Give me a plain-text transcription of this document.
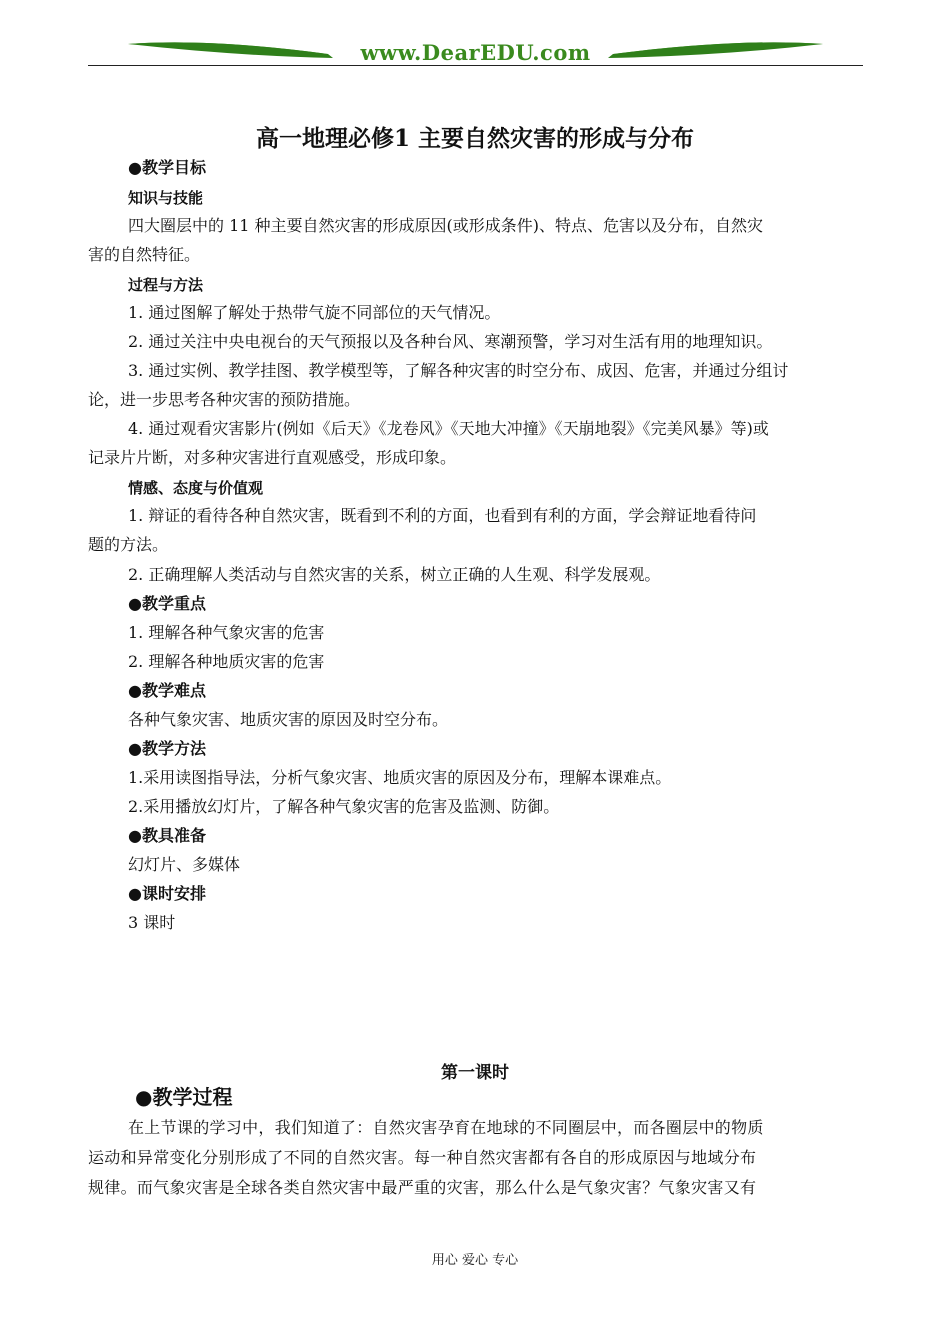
www.DearEDU.com
高一地理必修1 主要自然灾害的形成与分布
●教学目标
知识与技能
四大圈层中的 11 种主要自然灾害的形成原因(或形成条件)、特点、危害以及分布，自然灾
害的自然特征。
过程与方法
1. 通过图解了解处于热带气旋不同部位的天气情况。
2. 通过关注中央电视台的天气预报以及各种台风、寒潮预警，学习对生活有用的地理知识。
3. 通过实例、教学挂图、教学模型等，了解各种灾害的时空分布、成因、危害，并通过分组讨
论，进一步思考各种灾害的预防措施。
4. 通过观看灾害影片(例如《后天》《龙卷风》《天地大冲撞》《天崩地裂》《完美风暴》等)或
记录片片断，对多种灾害进行直观感受，形成印象。
情感、态度与价值观
1. 辩证的看待各种自然灾害，既看到不利的方面，也看到有利的方面，学会辩证地看待问
题的方法。
2. 正确理解人类活动与自然灾害的关系，树立正确的人生观、科学发展观。
●教学重点
1. 理解各种气象灾害的危害
2. 理解各种地质灾害的危害
●教学难点
各种气象灾害、地质灾害的原因及时空分布。
●教学方法
1.采用读图指导法，分析气象灾害、地质灾害的原因及分布，理解本课难点。
2.采用播放幻灯片，了解各种气象灾害的危害及监测、防御。
●教具准备
幻灯片、多媒体
●课时安排
3 课时
第一课时
●教学过程
在上节课的学习中，我们知道了：自然灾害孕育在地球的不同圈层中，而各圈层中的物质
运动和异常变化分别形成了不同的自然灾害。每一种自然灾害都有各自的形成原因与地域分布
规律。而气象灾害是全球各类自然灾害中最严重的灾害，那么什么是气象灾害？气象灾害又有
用心 爱心 专心
